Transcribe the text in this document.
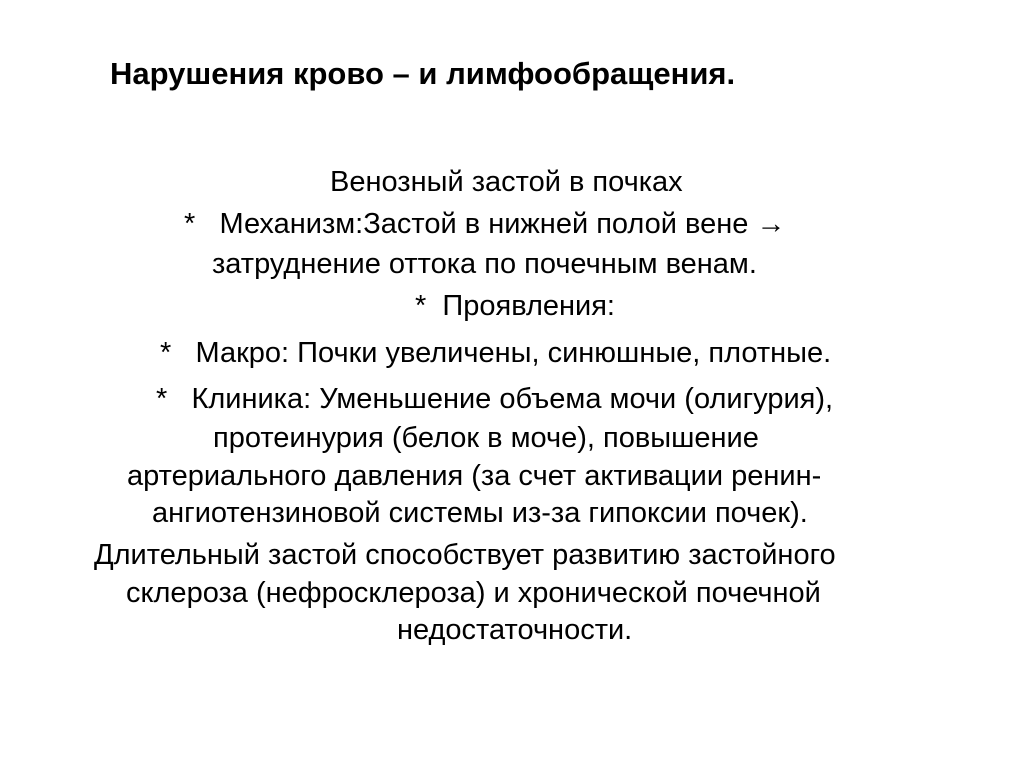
Нарушения крово – и лимфообращения.

Венозный застой в почках

*   Механизм:Застой в нижней полой вене →

затруднение оттока по почечным венам.

*  Проявления:

*   Макро: Почки увеличены, синюшные, плотные.

*   Клиника: Уменьшение объема мочи (олигурия),

протеинурия (белок в моче), повышение

артериального давления (за счет активации ренин-

ангиотензиновой системы из-за гипоксии почек).

Длительный застой способствует развитию застойного

склероза (нефросклероза) и хронической почечной

недостаточности.
